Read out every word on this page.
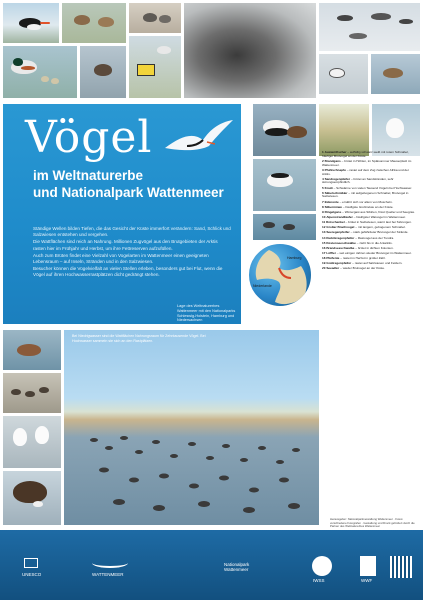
Vögel
im Weltnaturerbe
und Nationalpark Wattenmeer

Ständige Wellen bilden Tiefen, die das Gesicht der Küste immerfort verändern: Sand, Schlick und Salzwiesen entstehen und vergehen.

Die Wattflächen sind reich an Nahrung. Millionen Zugvögel aus den Brutgebieten der Arktis rasten hier im Frühjahr und Herbst, um ihre Fettreserven aufzufüllen.

Auch zum Brüten findet eine Vielzahl von Vogelarten im Wattenmeer einen geeigneten Lebensraum – auf Inseln, Stränden und in den Salzwiesen.

Besucher können die Vogelvielfalt an vielen Stellen erleben, besonders gut bei Flut, wenn die Vögel auf ihren Hochwasserrastplätzen dicht gedrängt stehen.

Lage des Weltnaturerbes Wattenmeer mit den Nationalparks Schleswig-Holstein, Hamburg und Niedersachsen
Hamburg
Niederlande
1 Austernfischer – auffällig schwarz-weiß mit rotem Schnabel, häufiger Brutvogel an der Küste.
2 Brandgans – brütet in Höhlen, im Spätsommer Mauserplatz im Wattenmeer.
3 Pfuhlschnepfe – rastet auf dem Zug zwischen Afrika und der Arktis.
4 Sandregenpfeifer – brütet an Sandstränden, sehr störungsempfindlich.
5 Knutt – Schwärme von vielen Tausend Vögeln bei Hochwasser.
6 Säbelschnäbler – mit aufgebogenem Schnabel, Brutvogel in Salzwiesen.
7 Eiderente – ernährt sich vor allem von Muscheln.
8 Silbermöwe – häufigste Großmöwe an der Küste.
9 Ringelgans – Wintergast aus Sibirien, frisst Queller und Seegras.
10 Alpenstrandläufer – häufigster Watvogel im Wattenmeer.
11 Rotschenkel – brütet in Salzwiesen, warnt laut bei Störungen.
12 Großer Brachvogel – mit langem, gebogenem Schnabel.
13 Seeregenpfeifer – stark gefährdeter Brutvogel der Strände.
14 Kiebitzregenpfeifer – Rastvogel aus der Tundra.
15 Küstenseeschwalbe – zieht bis in die Antarktis.
16 Brandseeschwalbe – brütet in dichten Kolonien.
17 Löffler – seit einigen Jahren wieder Brutvogel im Wattenmeer.
18 Pfeifente – rastet im Herbst in großer Zahl.
19 Goldregenpfeifer – rastet auf Salzwiesen und Feldern.
20 Seeadler – wieder Brutvogel an der Küste.
Bei Niedrigwasser sind die Wattflächen Nahrungsraum für Zehntausende Vögel. Bei Hochwasser sammeln sie sich an den Rastplätzen.
Herausgeber: Nationalparkverwaltung Wattenmeer · Fotos: verschiedene Fotografen · Gestaltung und Druck gefördert durch die Partner des Weltnaturerbes Wattenmeer
UNESCO	WATTENMEER
Nationalpark Wattenmeer
IWSS	WWF
